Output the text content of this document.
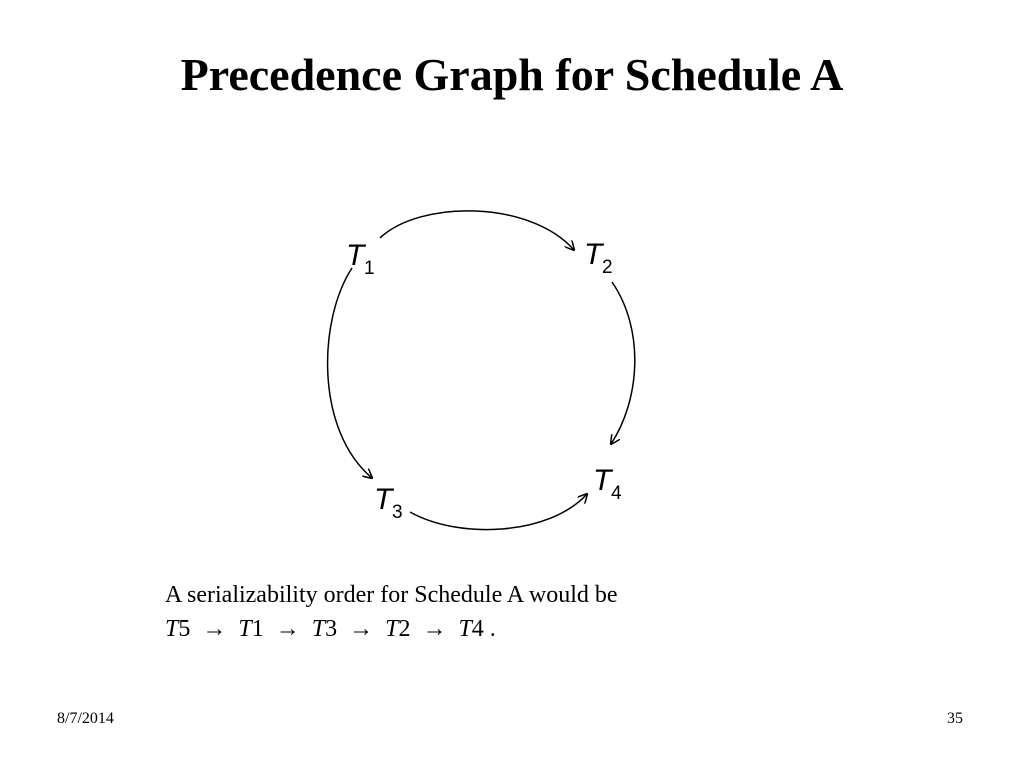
Precedence Graph for Schedule A
T 1	T 2
T 3
T 4
A serializability order for Schedule A would be
T5 → T1 → T3 → T2 → T4 .
8/7/2014	35
